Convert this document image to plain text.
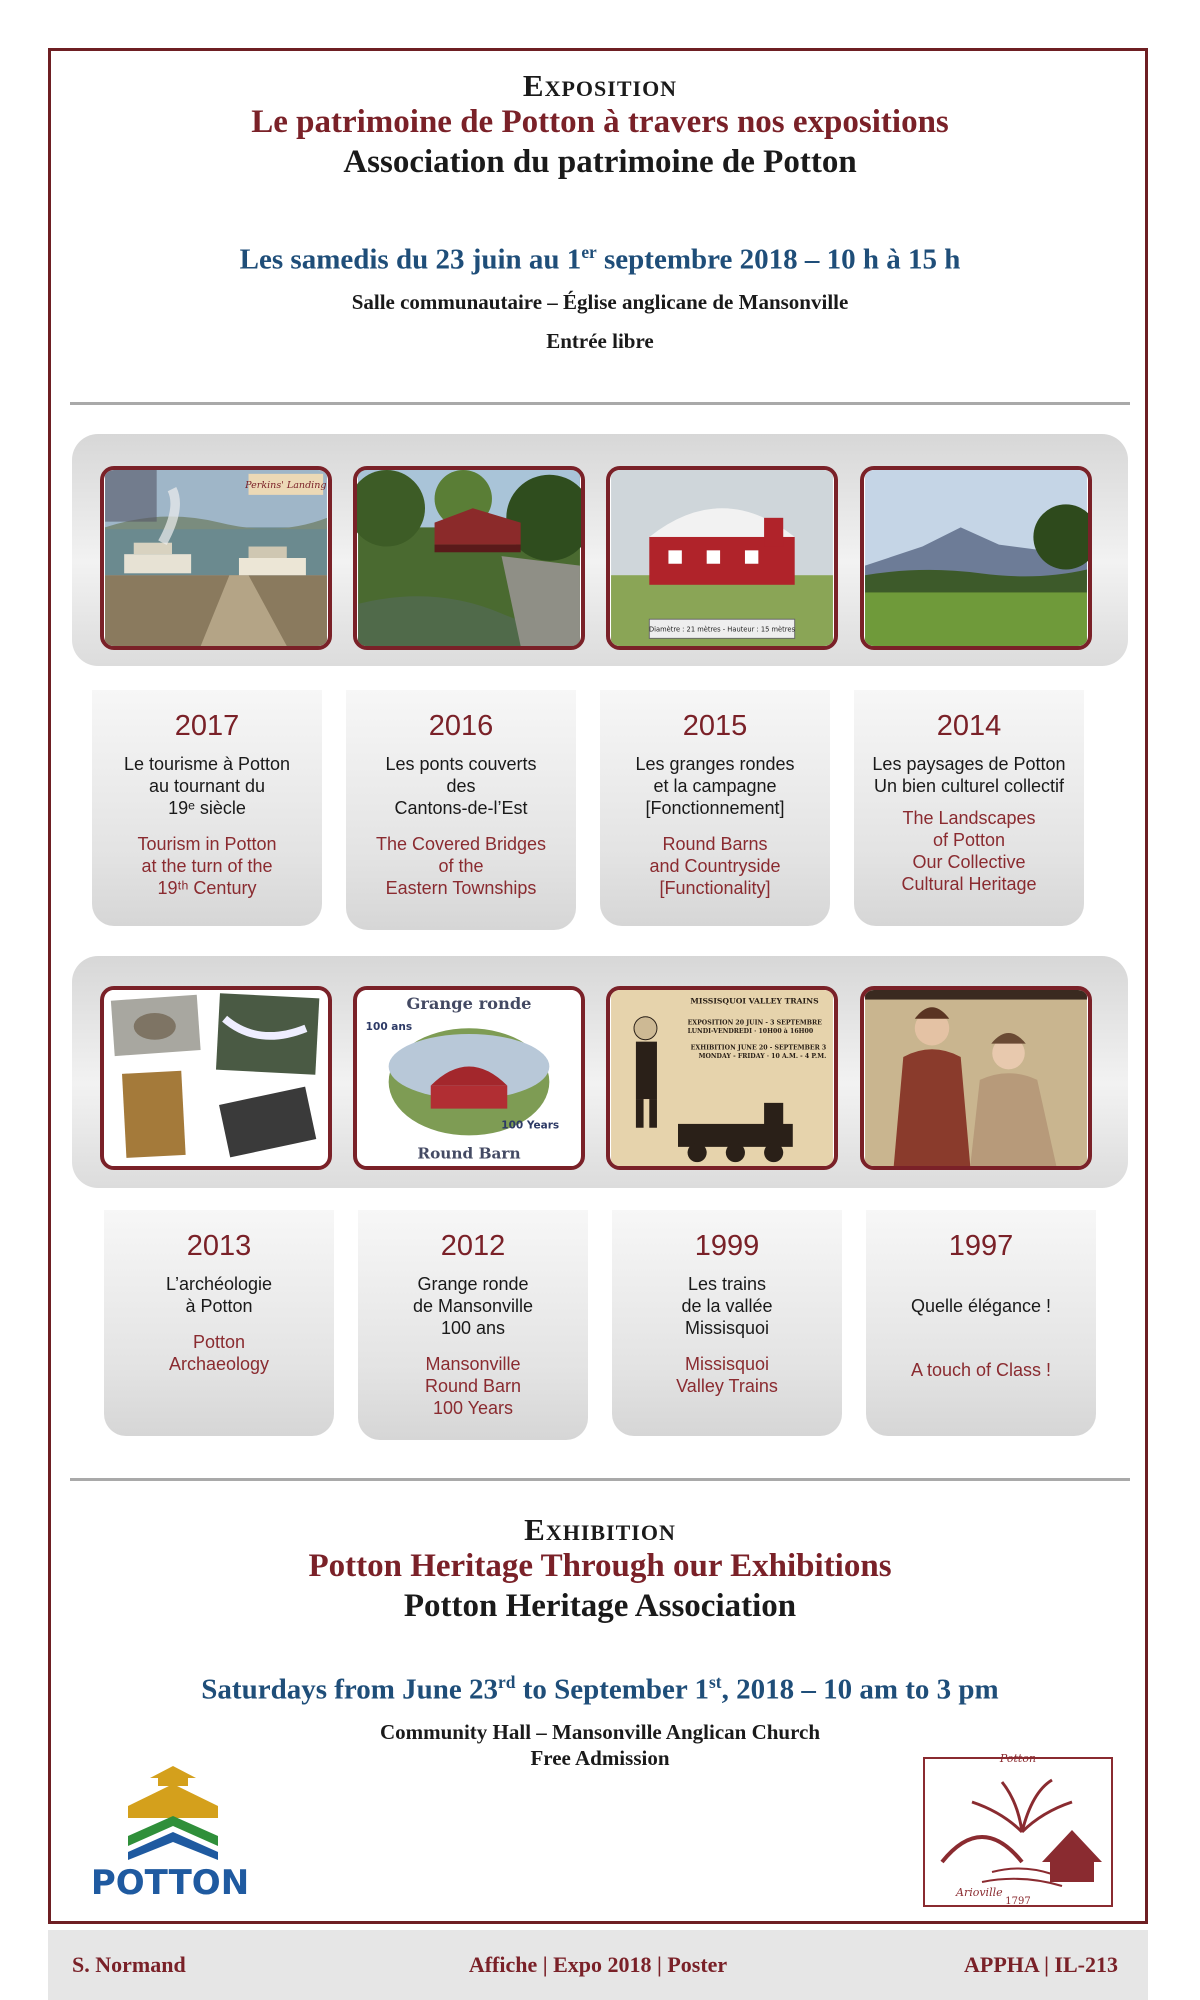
Exposition
Le patrimoine de Potton à travers nos expositions
Association du patrimoine de Potton
Les samedis du 23 juin au 1er septembre 2018 – 10 h à 15 h
Salle communautaire – Église anglicane de Mansonville
Entrée libre
Perkins' Landing
Diamètre : 21 mètres - Hauteur : 15 mètres
2017
Le tourisme à Potton
au tournant du
19ᵉ siècle
Tourism in Potton
at the turn of the
19ᵗʰ Century
2016
Les ponts couverts
des
Cantons-de-l’Est
The Covered Bridges
of the
Eastern Townships
2015
Les granges rondes
et la campagne
[Fonctionnement]
Round Barns
and Countryside
[Functionality]
2014
Les paysages de Potton
Un bien culturel collectif
The Landscapes
of Potton
Our Collective
Cultural Heritage
Grange ronde
100 ans
100 Years
Round Barn
MISSISQUOI VALLEY TRAINS
EXPOSITION 20 JUIN - 3 SEPTEMBRE LUNDI-VENDREDI · 10H00 à 16H00
EXHIBITION JUNE 20 - SEPTEMBER 3 MONDAY - FRIDAY · 10 A.M. - 4 P.M.
2013
L’archéologie
à Potton
Potton
Archaeology
2012
Grange ronde
de Mansonville
100 ans
Mansonville
Round Barn
100 Years
1999
Les trains
de la vallée
Missisquoi
Missisquoi
Valley Trains
1997
Quelle élégance !
A touch of Class !
Exhibition
Potton Heritage Through our Exhibitions
Potton Heritage Association
Saturdays from June 23rd to September 1st, 2018 – 10 am to 3 pm
Community Hall – Mansonville Anglican Church
Free Admission
POTTON
Potton
Arioville
1797
S. Normand	Affiche | Expo 2018 | Poster	APPHA | IL-213
